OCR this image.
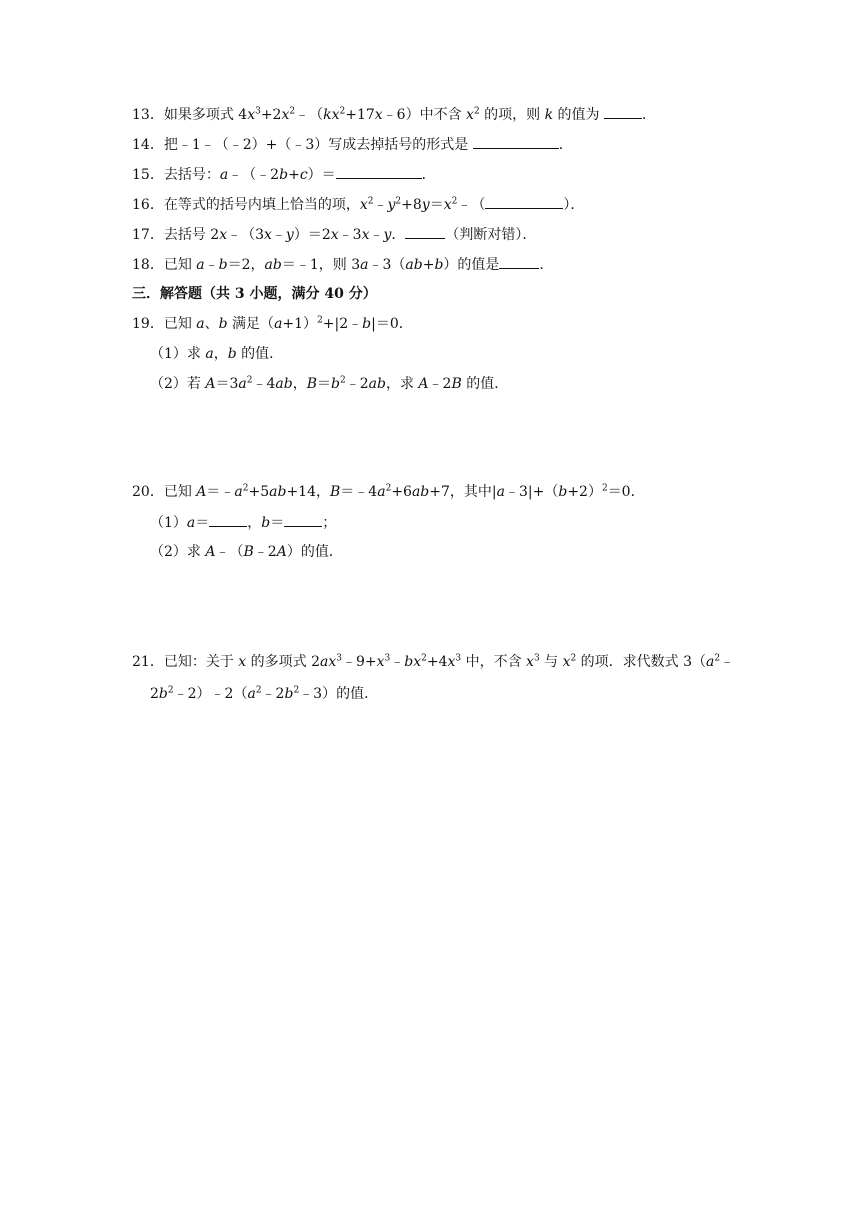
13．如果多项式 $4x^3+2x^2﹣(kx^2+17x﹣6)$中不含 $x^2$ 的项，则 k 的值为	．
14．把﹣1﹣（﹣2）+（﹣3）写成去掉括号的形式是	．
15．去括号：a﹣（﹣2b+c）＝	．
16．在等式的括号内填上恰当的项，$x^2﹣y^2+8y=x^2﹣$（	）．
17．去括号 2x﹣（3x﹣y）＝2x﹣3x﹣y．	（判断对错）．
18．已知 a﹣b＝2，ab＝﹣1，则 3a﹣3（ab+b）的值是	．
三．解答题（共 3 小题，满分 40 分）
19．已知 a、b 满足$(a+1)^2+|2﹣b|=0$．
（1）求 a，b 的值．
（2）若 $A=3a^2﹣4ab$，$B=b^2﹣2ab$，求 A﹣2B 的值．
20．已知 $A=﹣a^2+5ab+14$，$B=﹣4a^2+6ab+7$，其中$|a﹣3|+(b+2)^2=0$．
（1）a＝	，b＝	；
（2）求 A﹣（B﹣2A）的值．
21．已知：关于 x 的多项式 $2ax^3﹣9+x^3﹣bx^2+4x^3$ 中，不含 $x^3$ 与 $x^2$ 的项．求代数式 $3(a^2﹣$
$2b^2﹣2)﹣2(a^2﹣2b^2﹣3)$的值．
